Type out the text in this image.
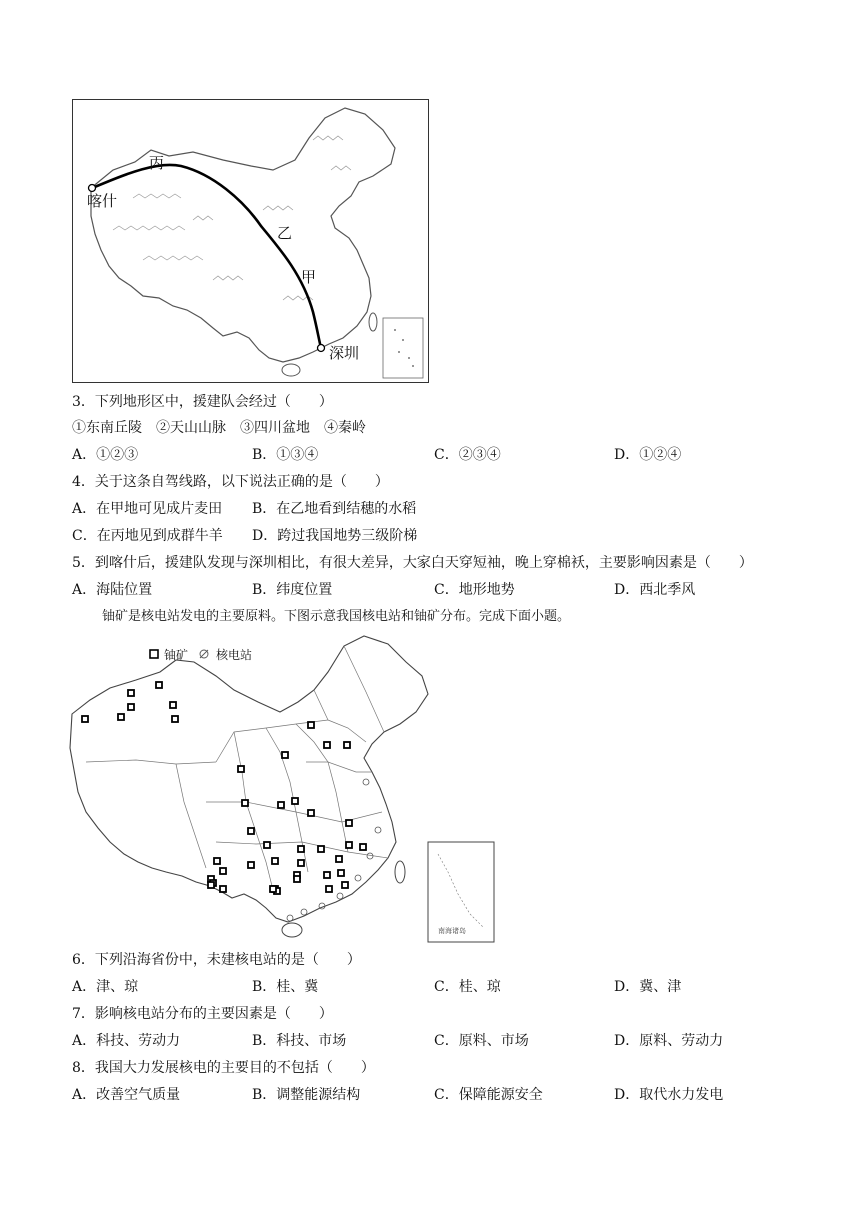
丙
喀什
乙
甲
深圳
3．下列地形区中，援建队会经过（　　）
①东南丘陵　②天山山脉　③四川盆地　④秦岭
A．①②③	B．①③④	C．②③④	D．①②④
4．关于这条自驾线路，以下说法正确的是（　　）
A．在甲地可见成片麦田 B．在乙地看到结穗的水稻
C．在丙地见到成群牛羊 D．跨过我国地势三级阶梯
5．到喀什后，援建队发现与深圳相比，有很大差异，大家白天穿短袖，晚上穿棉袄，主要影响因素是（　　）
A．海陆位置	B．纬度位置	C．地形地势	D．西北季风
铀矿是核电站发电的主要原料。下图示意我国核电站和铀矿分布。完成下面小题。
铀矿 核电站
南海诸岛
6．下列沿海省份中，未建核电站的是（　　）
A．津、琼	B．桂、冀	C．桂、琼	D．冀、津
7．影响核电站分布的主要因素是（　　）
A．科技、劳动力	B．科技、市场	C．原料、市场	D．原料、劳动力
8．我国大力发展核电的主要目的不包括（　　）
A．改善空气质量	B．调整能源结构	C．保障能源安全	D．取代水力发电
